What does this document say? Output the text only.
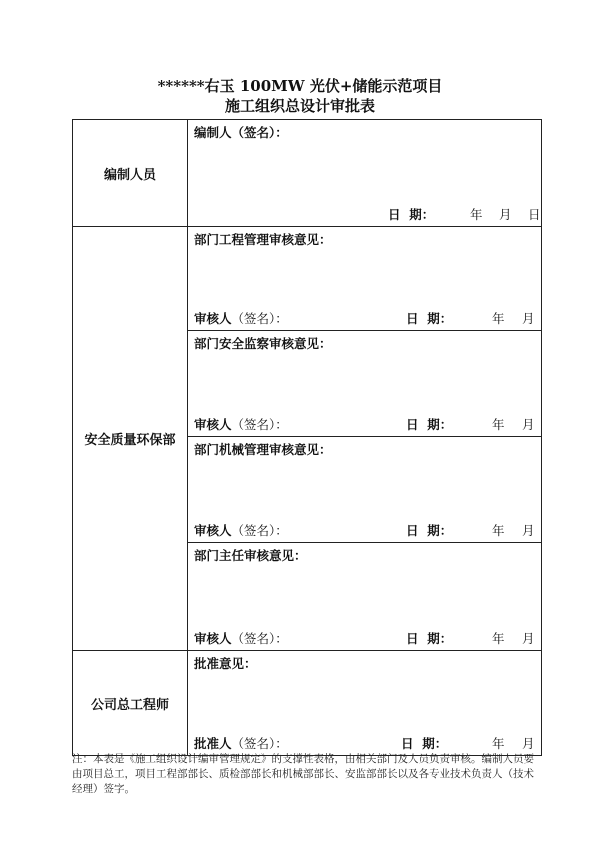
******右玉 100MW 光伏+储能示范项目
施工组织总设计审批表
编制人员	编制人（签名）：
日  期： 年 月 日

安全质量环保部	部门工程管理审核意见：
审核人（签名）： 日  期： 年 月

	部门安全监察审核意见：
审核人（签名）： 日  期： 年 月

	部门机械管理审核意见：
审核人（签名）： 日  期： 年 月

	部门主任审核意见：
审核人（签名）： 日  期： 年 月

公司总工程师	批准意见：
批准人（签名）： 日  期： 年 月
注：本表是《施工组织设计编审管理规定》的支撑性表格，由相关部门及人员负责审核。编制人员要由项目总工，项目工程部部长、质检部部长和机械部部长、安监部部长以及各专业技术负责人（技术经理）签字。
